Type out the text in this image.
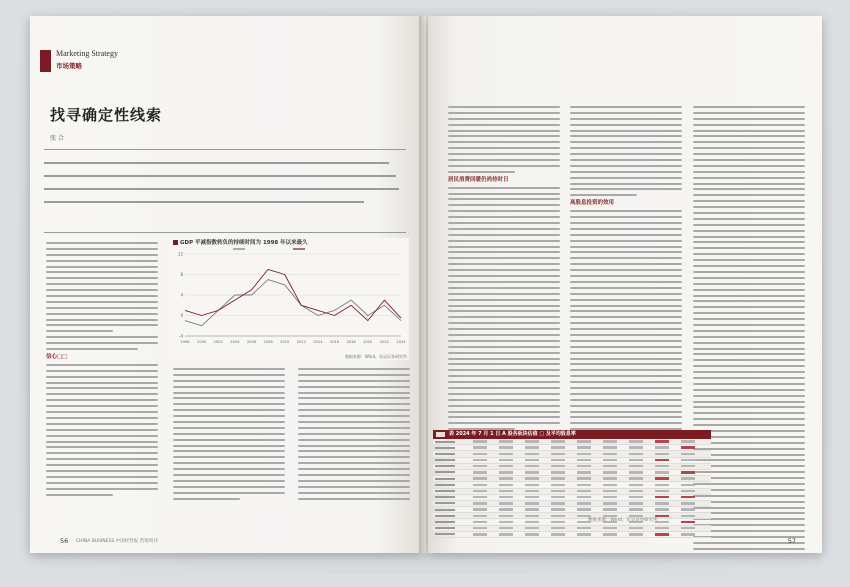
Marketing Strategy
市场策略
找寻确定性线索
张 合
信心□□
GDP 平减指数转负的持续时间为 1998 年以来最久
12
8
4
0
-4
1998 2000 2002 2004 2006 2008 2010 2012 2014 2016 2018 2020 2022 2024
数据来源：Wind、东吴证券研究所
56 CHINA BUSINESS 中国经营报 营销周刊
居民消费回暖仍尚待时日
高股息投资的效用
表 2024 年 7 月 1 日 A 股各板块估值 □ 及平均股息率
57
数据来源：Wind、东吴证券研究所
